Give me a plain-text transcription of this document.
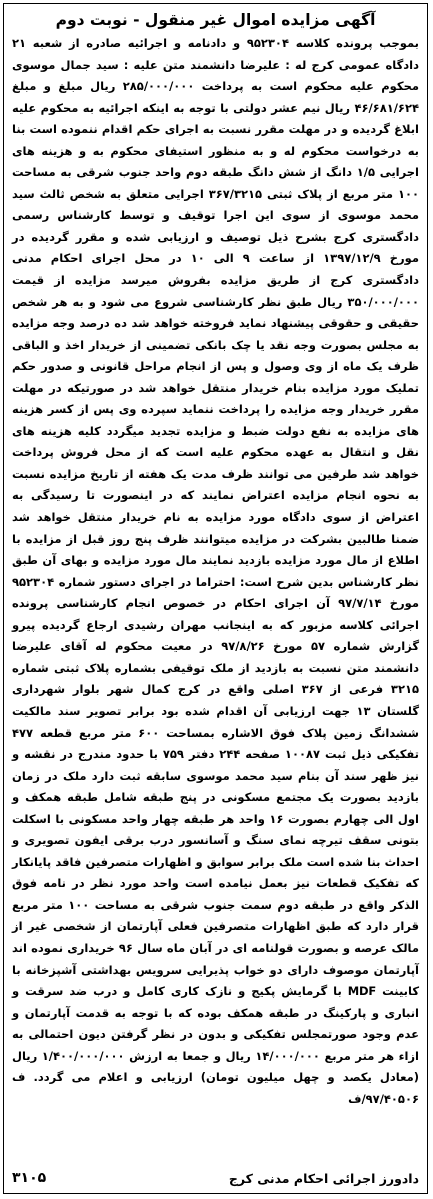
آگهی مزایده اموال غیر منقول - نوبت دوم

بموجب پرونده کلاسه ۹۵۲۳۰۴ و دادنامه و اجرائیه صادره از شعبه ۲۱ دادگاه عمومی کرج له : علیرضا دانشمند متن علیه : سید جمال موسوی محکوم علیه محکوم است به پرداخت ۲۸۵/۰۰۰/۰۰۰ ریال مبلغ و مبلغ ۴۶/۶۸۱/۶۲۴ ریال نیم عشر دولتی با توجه به اینکه اجرائیه به محکوم علیه ابلاغ گردیده و در مهلت مقرر نسبت به اجرای حکم اقدام ننموده است بنا به درخواست محکوم له و به منظور استیفای محکوم به و هزینه های اجرایی ۱/۵ دانگ از شش دانگ طبقه دوم واحد جنوب شرقی به مساحت ۱۰۰ متر مربع از پلاک ثبتی ۳۶۷/۳۲۱۵ اجرایی متعلق به شخص ثالث سید محمد موسوی از سوی این اجرا توقیف و توسط کارشناس رسمی دادگستری کرج بشرح ذیل توصیف و ارزیابی شده و مقرر گردیده در مورخ ۱۳۹۷/۱۲/۹ از ساعت ۹ الی ۱۰ در محل اجرای احکام مدنی دادگستری کرج از طریق مزایده بفروش میرسد مزایده از قیمت ۳۵۰/۰۰۰/۰۰۰ ریال طبق نظر کارشناسی شروع می شود و به هر شخص حقیقی و حقوقی پیشنهاد نماید فروخته خواهد شد ده درصد وجه مزایده به مجلس بصورت وجه نقد یا چک بانکی تضمینی از خریدار اخذ و الباقی ظرف یک ماه از وی وصول و پس از انجام مراحل قانونی و صدور حکم تملیک مورد مزایده بنام خریدار منتقل خواهد شد در صورتیکه در مهلت مقرر خریدار وجه مزایده را پرداخت ننماید سپرده وی پس از کسر هزینه های مزایده به نفع دولت ضبط و مزایده تجدید میگردد کلیه هزینه های نقل و انتقال به عهده محکوم علیه است که از محل فروش پرداخت خواهد شد طرفین می توانند ظرف مدت یک هفته از تاریخ مزایده نسبت به نحوه انجام مزایده اعتراض نمایند که در اینصورت تا رسیدگی به اعتراض از سوی دادگاه مورد مزایده به نام خریدار منتقل خواهد شد ضمنا طالبین بشرکت در مزایده میتوانند ظرف پنج روز قبل از مزایده با اطلاع از مال مورد مزایده بازدید نمایند مال مورد مزایده و بهای آن طبق نظر کارشناس بدین شرح است: احتراما در اجرای دستور شماره ۹۵۲۳۰۴ مورخ ۹۷/۷/۱۴ آن اجرای احکام در خصوص انجام کارشناسی پرونده اجرائی کلاسه مزبور که به اینجانب مهران رشیدی ارجاع گردیده پیرو گزارش شماره ۵۷ مورخ ۹۷/۸/۲۶ در معیت محکوم له آقای علیرضا دانشمند متن نسبت به بازدید از ملک توقیفی بشماره پلاک ثبتی شماره ۳۲۱۵ فرعی از ۳۶۷ اصلی واقع در کرج کمال شهر بلوار شهرداری گلستان ۱۳ جهت ارزیابی آن اقدام شده بود برابر تصویر سند مالکیت ششدانگ زمین پلاک فوق الاشاره بمساحت ۶۰۰ متر مربع قطعه ۴۷۷ تفکیکی ذیل ثبت ۱۰۰۸۷ صفحه ۲۴۴ دفتر ۷۵۹ با حدود مندرج در نقشه و نیز ظهر سند آن بنام سید محمد موسوی سابقه ثبت دارد ملک در زمان بازدید بصورت یک مجتمع مسکونی در پنج طبقه شامل طبقه همکف و اول الی چهارم بصورت ۱۶ واحد هر طبقه چهار واحد مسکونی با اسکلت بتونی سقف تیرچه نمای سنگ و آسانسور درب برقی ایفون تصویری و احداث بنا شده است ملک برابر سوابق و اظهارات متصرفین فاقد پایانکار که تفکیک قطعات نیز بعمل نیامده است واحد مورد نظر در نامه فوق الذکر واقع در طبقه دوم سمت جنوب شرقی به مساحت ۱۰۰ متر مربع قرار دارد که طبق اظهارات متصرفین فعلی آپارتمان از شخصی غیر از مالک عرصه و بصورت قولنامه ای در آبان ماه سال ۹۶ خریداری نموده اند آپارتمان موصوف دارای دو خواب پذیرایی سرویس بهداشتی آشپزخانه با کابینت MDF با گرمایش پکیج و نازک کاری کامل و درب ضد سرقت و انباری و پارکینگ در طبقه همکف بوده که با توجه به قدمت آپارتمان و عدم وجود صورتمجلس تفکیکی و بدون در نظر گرفتن دیون احتمالی به ازاء هر متر مربع ۱۴/۰۰۰/۰۰۰ ریال و جمعا به ارزش ۱/۴۰۰/۰۰۰/۰۰۰ ریال (معادل یکصد و چهل میلیون تومان) ارزیابی و اعلام می گردد. ف ۹۷/۴۰۵۰۶/ف

دادورز اجرائی احکام مدنی کرج
۳۱۰۵
